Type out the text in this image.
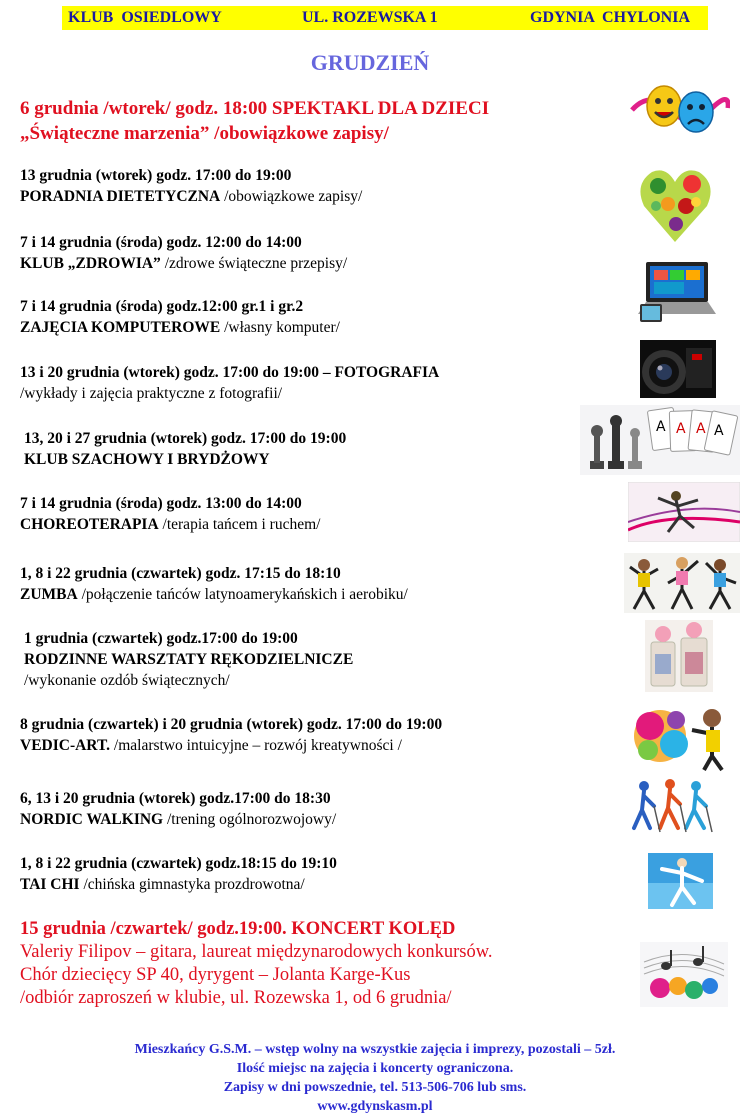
KLUB  OSIEDLOWY	UL. ROZEWSKA 1	GDYNIA  CHYLONIA
GRUDZIEŃ
6 grudnia /wtorek/ godz. 18:00 SPEKTAKL DLA DZIECI
„Świąteczne marzenia” /obowiązkowe zapisy/
13 grudnia (wtorek) godz. 17:00 do 19:00
PORADNIA DIETETYCZNA /obowiązkowe zapisy/
7 i 14 grudnia (środa) godz. 12:00 do 14:00
KLUB „ZDROWIA” /zdrowe świąteczne przepisy/
7 i 14 grudnia (środa) godz.12:00 gr.1 i gr.2
ZAJĘCIA KOMPUTEROWE /własny komputer/
13 i 20 grudnia (wtorek) godz. 17:00 do 19:00 – FOTOGRAFIA
/wykłady i zajęcia praktyczne z fotografii/
13, 20 i 27 grudnia (wtorek) godz. 17:00 do 19:00
KLUB SZACHOWY I BRYDŻOWY
7 i 14 grudnia (środa) godz. 13:00 do 14:00
CHOREOTERAPIA /terapia tańcem i ruchem/
1, 8 i 22 grudnia (czwartek) godz. 17:15 do 18:10
ZUMBA /połączenie tańców latynoamerykańskich i aerobiku/
1 grudnia (czwartek) godz.17:00 do 19:00
RODZINNE WARSZTATY RĘKODZIELNICZE
/wykonanie ozdób świątecznych/
8 grudnia (czwartek) i 20 grudnia (wtorek) godz. 17:00 do 19:00
VEDIC-ART. /malarstwo intuicyjne – rozwój kreatywności /
6, 13 i 20 grudnia (wtorek) godz.17:00 do 18:30
NORDIC WALKING /trening ogólnorozwojowy/
1, 8 i 22 grudnia (czwartek) godz.18:15 do 19:10
TAI CHI /chińska gimnastyka prozdrowotna/
15 grudnia /czwartek/ godz.19:00. KONCERT KOLĘD
Valeriy Filipov – gitara, laureat międzynarodowych konkursów.
Chór dziecięcy SP 40, dyrygent – Jolanta Karge-Kus
/odbiór zaproszeń w klubie, ul. Rozewska 1, od 6 grudnia/
Mieszkańcy G.S.M. – wstęp wolny na wszystkie zajęcia i imprezy, pozostali – 5zł.
Ilość miejsc na zajęcia i koncerty ograniczona.
Zapisy w dni powszednie, tel. 513-506-706 lub sms.
www.gdynskasm.pl
A A A A
